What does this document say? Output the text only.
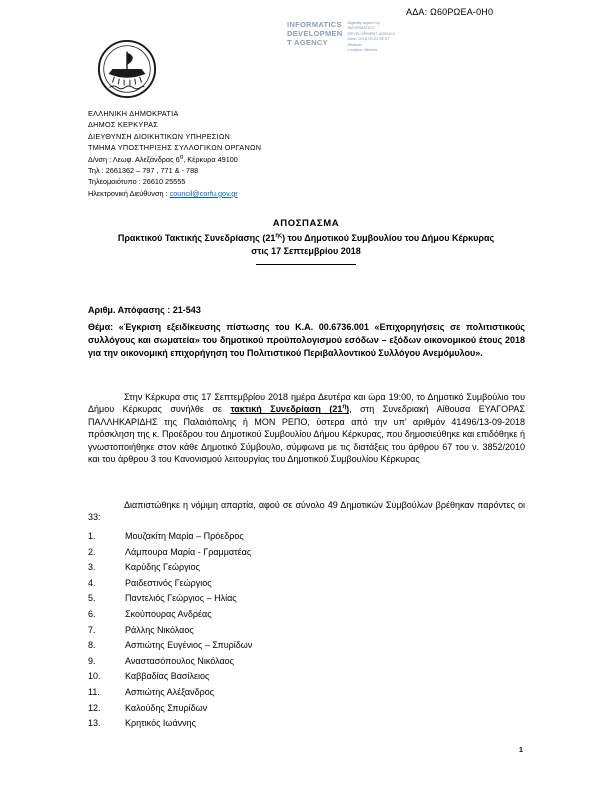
ΑΔΑ: Ω60ΡΩΕΑ-0Η0
INFORMATICS
DEVELOPMEN
T AGENCY
Digitally signed by
INFORMATICS
DEVELOPMENT AGENCY
Date: 2018.09.24 EEST
Reason:
Location: Athens
ΕΛΛΗΝΙΚΗ ΔΗΜΟΚΡΑΤΙΑ
ΔΗΜΟΣ ΚΕΡΚΥΡΑΣ
ΔΙΕΥΘΥΝΣΗ ΔΙΟΙΚΗΤΙΚΩΝ ΥΠΗΡΕΣΙΩΝ
ΤΜΗΜΑ ΥΠΟΣΤΗΡΙΞΗΣ ΣΥΛΛΟΓΙΚΩΝ ΟΡΓΑΝΩΝ
Δ/νση : Λεωφ. Αλεξάνδρας $6^\alpha$, Κέρκυρα 49100
Τηλ : 2661362 – 797 , 771 & - 788
Τηλεομοιότυπο : 26610 25555
Ηλεκτρονική Διεύθυνση : council@corfu.gov.gr
ΑΠΟΣΠΑΣΜΑ
Πρακτικού Τακτικής Συνεδρίασης $(21^{\eta\varsigma})$ του Δημοτικού Συμβουλίου του Δήμου Κέρκυρας
στις 17 Σεπτεμβρίου 2018
Αριθμ. Απόφασης : 21-543
Θέμα: «Έγκριση εξειδίκευσης πίστωσης του Κ.Α. 00.6736.001 «Επιχορηγήσεις σε πολιτιστικούς συλλόγους και σωματεία» του δημοτικού προϋπολογισμού εσόδων – εξόδων οικονομικού έτους 2018 για την οικονομική επιχορήγηση του Πολιτιστικού Περιβαλλοντικού Συλλόγου Ανεμόμυλου».
Στην Κέρκυρα στις 17 Σεπτεμβρίου 2018 ημέρα Δευτέρα και ώρα 19:00, το Δημοτικό Συμβούλιο του Δήμου Κέρκυρας συνήλθε σε τακτική Συνεδρίαση $(21^\eta)$, στη Συνεδριακή Αίθουσα ΕΥΑΓΟΡΑΣ ΠΑΛΛΗΚΑΡΙΔΗΣ της Παλαιόπολης ή ΜΟΝ ΡΕΠΟ, ύστερα από την υπ’ αριθμόν 41496/13-09-2018 πρόσκληση της κ. Προέδρου του Δημοτικού Συμβουλίου Δήμου Κέρκυρας, που δημοσιεύθηκε και επιδόθηκε ή γνωστοποιήθηκε στον κάθε Δημοτικό Σύμβουλο, σύμφωνα με τις διατάξεις του άρθρου 67 του ν. 3852/2010 και του άρθρου 3 του Κανονισμού λειτουργίας του Δημοτικού Συμβουλίου Κέρκυρας
Διαπιστώθηκε η νόμιμη απαρτία, αφού σε σύνολο 49 Δημοτικών Συμβούλων βρέθηκαν παρόντες οι 33:
1.	Μουζακίτη Μαρία – Πρόεδρος
2.	Λάμπουρα Μαρία - Γραμματέας
3.	Καρύδης Γεώργιος
4.	Ραιδεστινός Γεώργιος
5.	Παντελιός Γεώργιος – Ηλίας
6.	Σκούπουρας Ανδρέας
7.	Ράλλης Νικόλαος
8.	Ασπιώτης Ευγένιος – Σπυρίδων
9.	Αναστασόπουλος Νικόλαος
10.	Καββαδίας Βασίλειος
11.	Ασπιώτης Αλέξανδρος
12.	Καλούδης Σπυρίδων
13.	Κρητικός Ιωάννης
1
